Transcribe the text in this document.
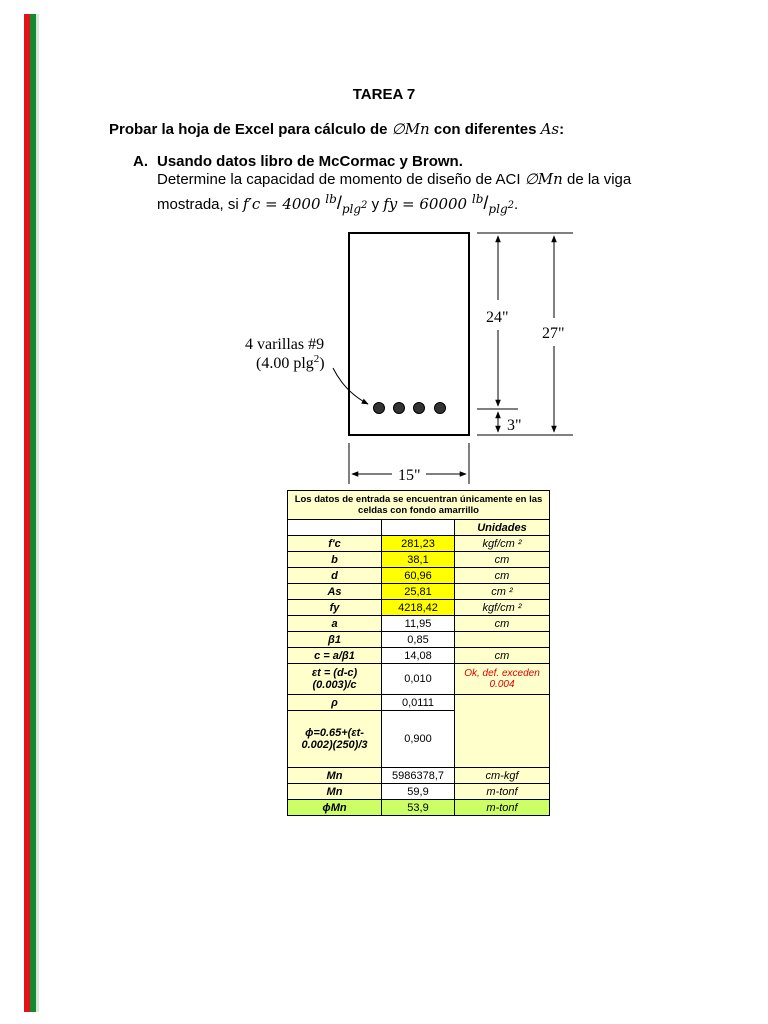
TAREA 7
Probar la hoja de Excel para cálculo de ∅Mn con diferentes As:
A. Usando datos libro de McCormac y Brown.
Determine la capacidad de momento de diseño de ACI ∅Mn de la viga
mostrada, si f′c = 4000 $^{lb}/_{plg^2}$ y fy = 60000 $^{lb}/_{plg^2}$.
4 varillas #9
(4.00 plg$^2$)
24"
27"
3"
15"
Los datos de entrada se encuentran únicamente en las celdas con fondo amarrillo		
		Unidades
f'c	281,23	kgf/cm ²
b	38,1	cm
d	60,96	cm
As	25,81	cm ²
fy	4218,42	kgf/cm ²
a	11,95	cm
β1	0,85	
c = a/β1	14,08	cm
εt = (d-c)(0.003)/c	0,010	Ok, def. exceden 0.004
ρ	0,0111	
ϕ=0.65+(εt-0.002)(250)/3	0,900	
Mn	5986378,7	cm-kgf
Mn	59,9	m-tonf
ϕMn	53,9	m-tonf
